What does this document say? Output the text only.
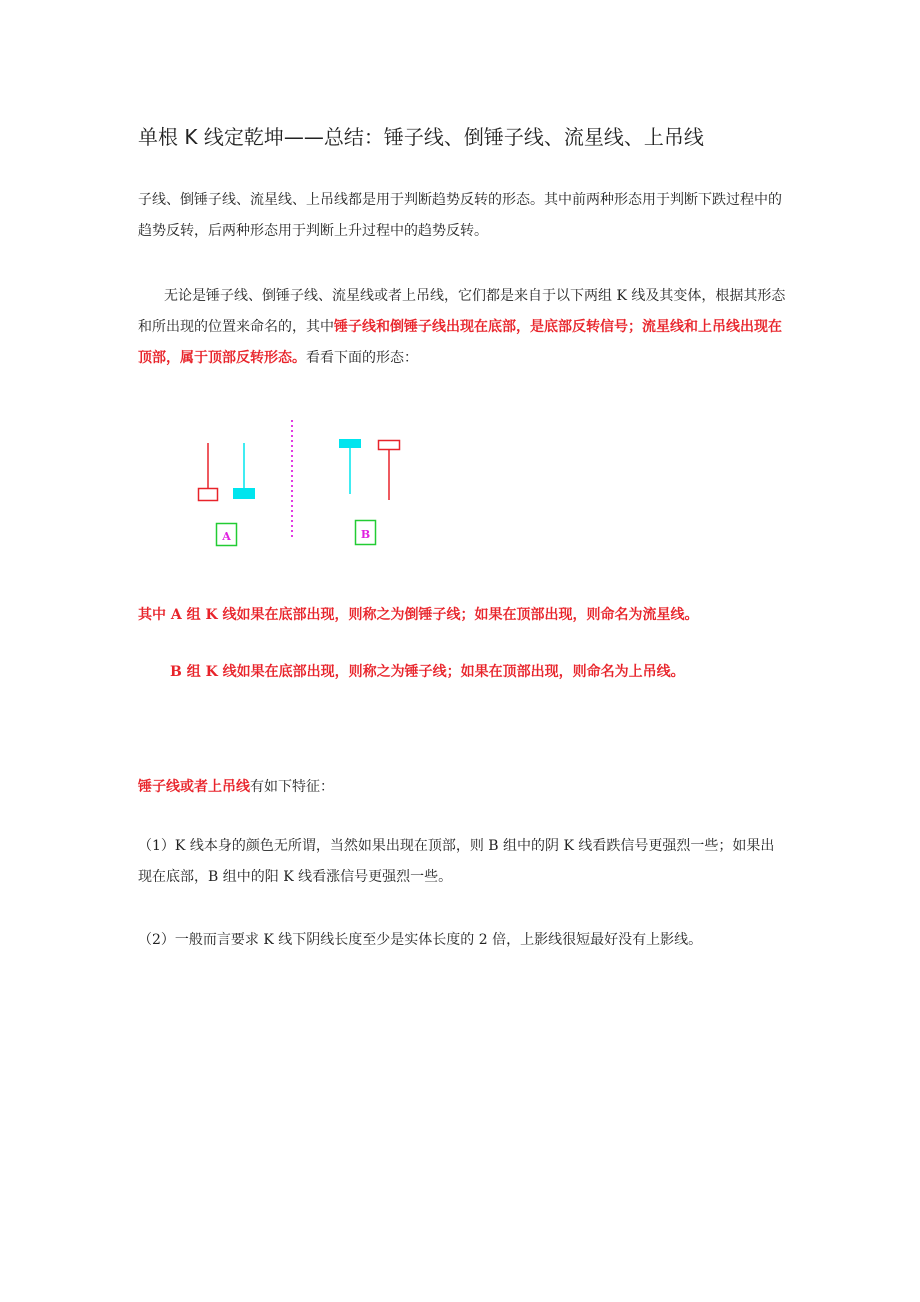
单根 K 线定乾坤——总结：锤子线、倒锤子线、流星线、上吊线
子线、倒锤子线、流星线、上吊线都是用于判断趋势反转的形态。其中前两种形态用于判断下跌过程中的趋势反转，后两种形态用于判断上升过程中的趋势反转。
无论是锤子线、倒锤子线、流星线或者上吊线，它们都是来自于以下两组 K 线及其变体，根据其形态和所出现的位置来命名的，其中锤子线和倒锤子线出现在底部，是底部反转信号；流星线和上吊线出现在顶部，属于顶部反转形态。看看下面的形态：
A	B
其中 A 组 K 线如果在底部出现，则称之为倒锤子线；如果在顶部出现，则命名为流星线。
B 组 K 线如果在底部出现，则称之为锤子线；如果在顶部出现，则命名为上吊线。
锤子线或者上吊线有如下特征：
（1）K 线本身的颜色无所谓，当然如果出现在顶部，则 B 组中的阴 K 线看跌信号更强烈一些；如果出现在底部，B 组中的阳 K 线看涨信号更强烈一些。
（2）一般而言要求 K 线下阴线长度至少是实体长度的 2 倍，上影线很短最好没有上影线。
